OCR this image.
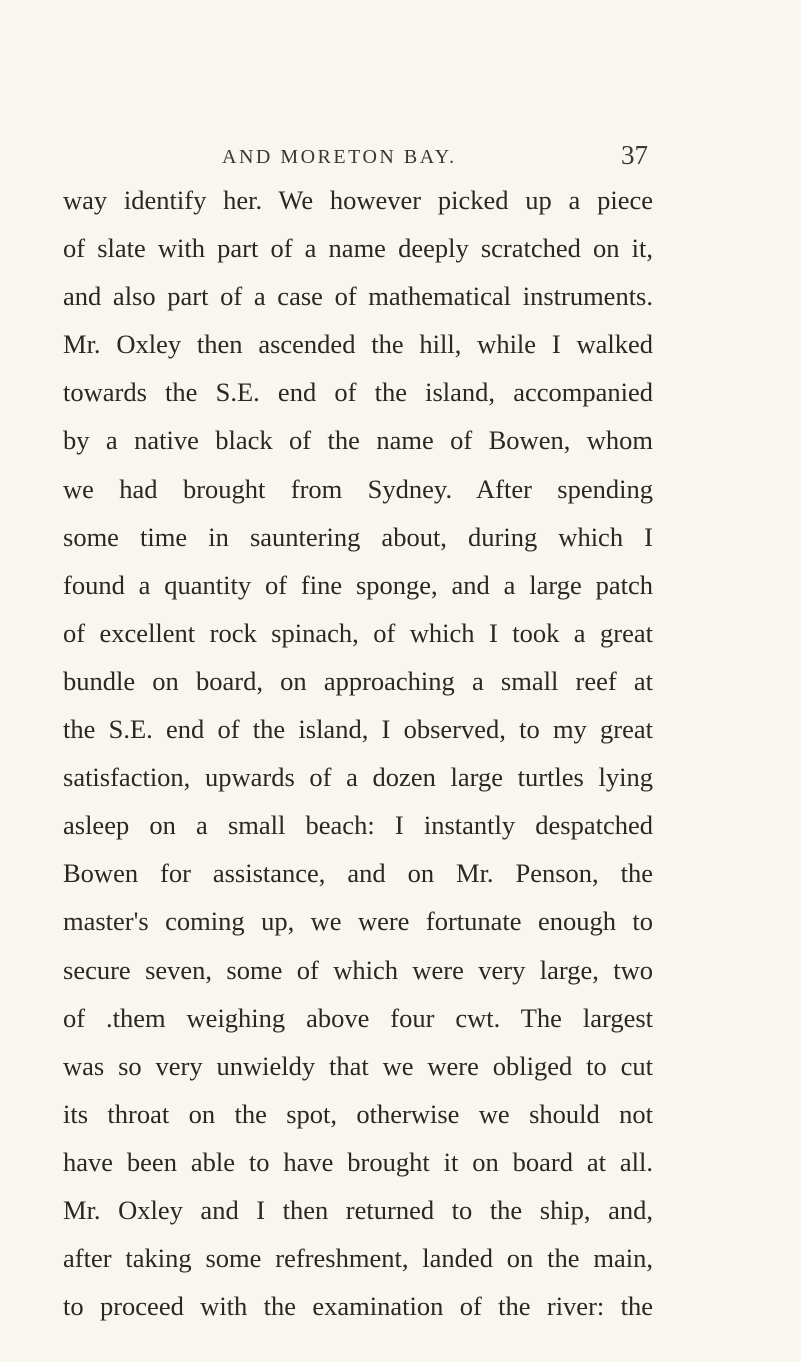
AND MORETON BAY.	37
way identify her. We however picked up a piece
of slate with part of a name deeply scratched on it,
and also part of a case of mathematical instruments.
Mr. Oxley then ascended the hill, while I walked
towards the S.E. end of the island, accompanied
by a native black of the name of Bowen, whom
we had brought from Sydney. After spending
some time in sauntering about, during which I
found a quantity of fine sponge, and a large patch
of excellent rock spinach, of which I took a great
bundle on board, on approaching a small reef at
the S.E. end of the island, I observed, to my great
satisfaction, upwards of a dozen large turtles lying
asleep on a small beach: I instantly despatched
Bowen for assistance, and on Mr. Penson, the
master's coming up, we were fortunate enough to
secure seven, some of which were very large, two
of .them weighing above four cwt. The largest
was so very unwieldy that we were obliged to cut
its throat on the spot, otherwise we should not
have been able to have brought it on board at all.
Mr. Oxley and I then returned to the ship, and,
after taking some refreshment, landed on the main,
to proceed with the examination of the river: the
